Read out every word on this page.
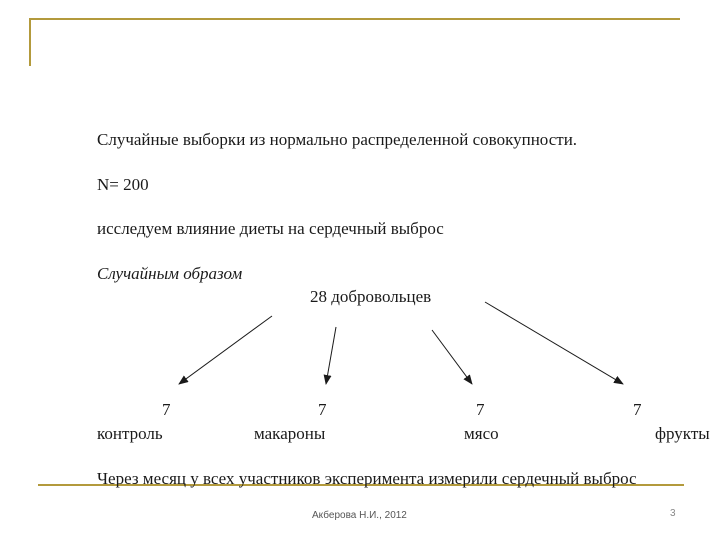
Случайные выборки из нормально распределенной совокупности.
N= 200
исследуем влияние диеты на сердечный выброс
Случайным образом
28 добровольцев
7	7	7	7
контроль	макароны	мясо	фрукты
Через месяц у всех участников эксперимента измерили сердечный выброс
Акберова Н.И., 2012	3
